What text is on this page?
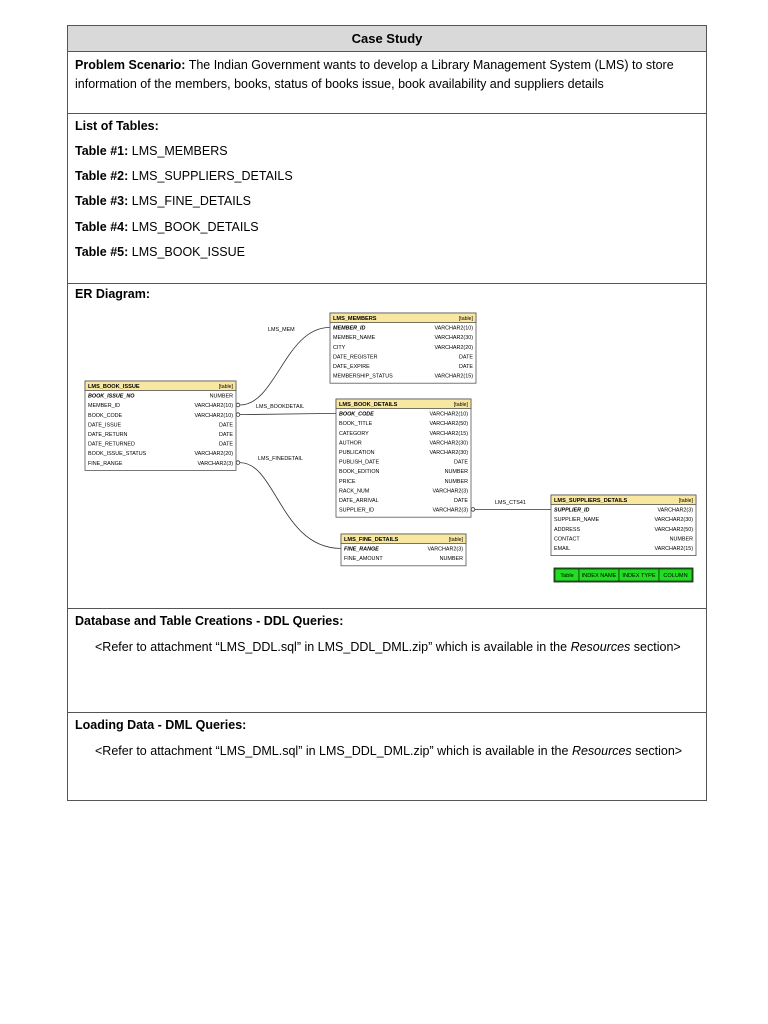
Case Study
Problem Scenario: The Indian Government wants to develop a Library Management System (LMS) to store information of the members, books, status of books issue, book availability and suppliers details
List of Tables:
Table #1: LMS_MEMBERS
Table #2: LMS_SUPPLIERS_DETAILS
Table #3: LMS_FINE_DETAILS
Table #4: LMS_BOOK_DETAILS
Table #5: LMS_BOOK_ISSUE
ER Diagram:
LMS_MEM
LMS_BOOKDETAIL
LMS_FINEDETAIL
LMS_CTS41
LMS_MEMBERS	[table]
MEMBER_ID	VARCHAR2(10)
MEMBER_NAME	VARCHAR2(30)
CITY	VARCHAR2(20)
DATE_REGISTER	DATE
DATE_EXPIRE	DATE
MEMBERSHIP_STATUS	VARCHAR2(15)
LMS_BOOK_ISSUE	[table]
BOOK_ISSUE_NO	NUMBER
MEMBER_ID	VARCHAR2(10)
BOOK_CODE	VARCHAR2(10)
DATE_ISSUE	DATE
DATE_RETURN	DATE
DATE_RETURNED	DATE
BOOK_ISSUE_STATUS	VARCHAR2(20)
FINE_RANGE	VARCHAR2(3)
LMS_BOOK_DETAILS	[table]
BOOK_CODE	VARCHAR2(10)
BOOK_TITLE	VARCHAR2(50)
CATEGORY	VARCHAR2(15)
AUTHOR	VARCHAR2(30)
PUBLICATION	VARCHAR2(30)
PUBLISH_DATE	DATE
BOOK_EDITION	NUMBER
PRICE	NUMBER
RACK_NUM	VARCHAR2(3)
DATE_ARRIVAL	DATE
SUPPLIER_ID	VARCHAR2(3)
LMS_FINE_DETAILS	[table]
FINE_RANGE	VARCHAR2(3)
FINE_AMOUNT	NUMBER
LMS_SUPPLIERS_DETAILS	[table]
SUPPLIER_ID	VARCHAR2(3)
SUPPLIER_NAME	VARCHAR2(30)
ADDRESS	VARCHAR2(50)
CONTACT	NUMBER
EMAIL	VARCHAR2(15)
Table INDEX NAME INDEX TYPE COLUMN
Database and Table Creations - DDL Queries:
<Refer to attachment “LMS_DDL.sql” in LMS_DDL_DML.zip” which is available in the Resources section>
Loading Data - DML Queries:
<Refer to attachment “LMS_DML.sql” in LMS_DDL_DML.zip” which is available in the Resources section>
